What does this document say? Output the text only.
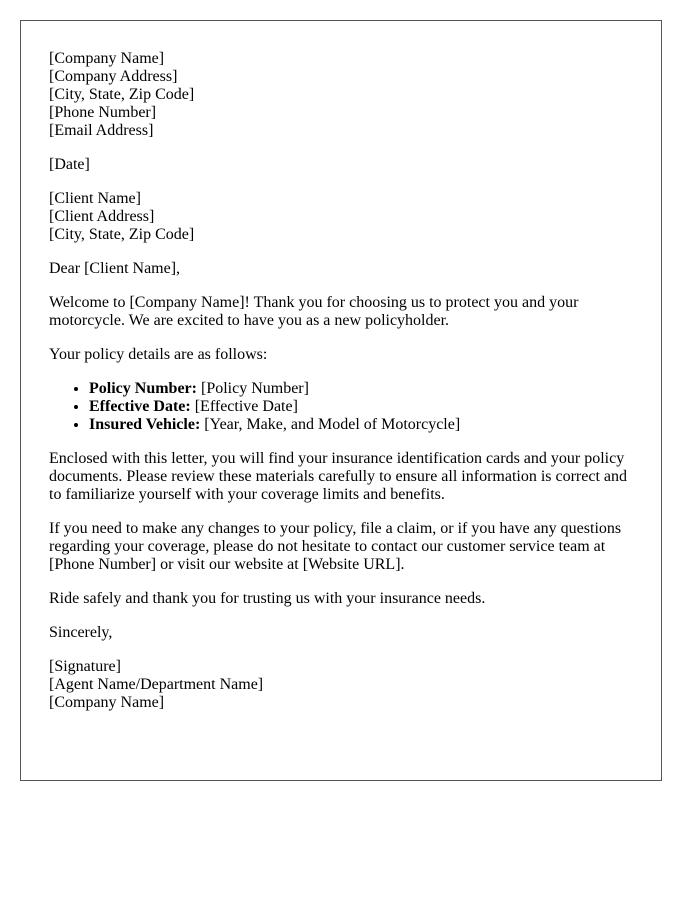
[Company Name]
[Company Address]
[City, State, Zip Code]
[Phone Number]
[Email Address]

[Date]

[Client Name]
[Client Address]
[City, State, Zip Code]

Dear [Client Name],

Welcome to [Company Name]! Thank you for choosing us to protect you and your motorcycle. We are excited to have you as a new policyholder.

Your policy details are as follows:

• Policy Number: [Policy Number]
• Effective Date: [Effective Date]
• Insured Vehicle: [Year, Make, and Model of Motorcycle]

Enclosed with this letter, you will find your insurance identification cards and your policy documents. Please review these materials carefully to ensure all information is correct and to familiarize yourself with your coverage limits and benefits.

If you need to make any changes to your policy, file a claim, or if you have any questions regarding your coverage, please do not hesitate to contact our customer service team at [Phone Number] or visit our website at [Website URL].

Ride safely and thank you for trusting us with your insurance needs.

Sincerely,

[Signature]
[Agent Name/Department Name]
[Company Name]
